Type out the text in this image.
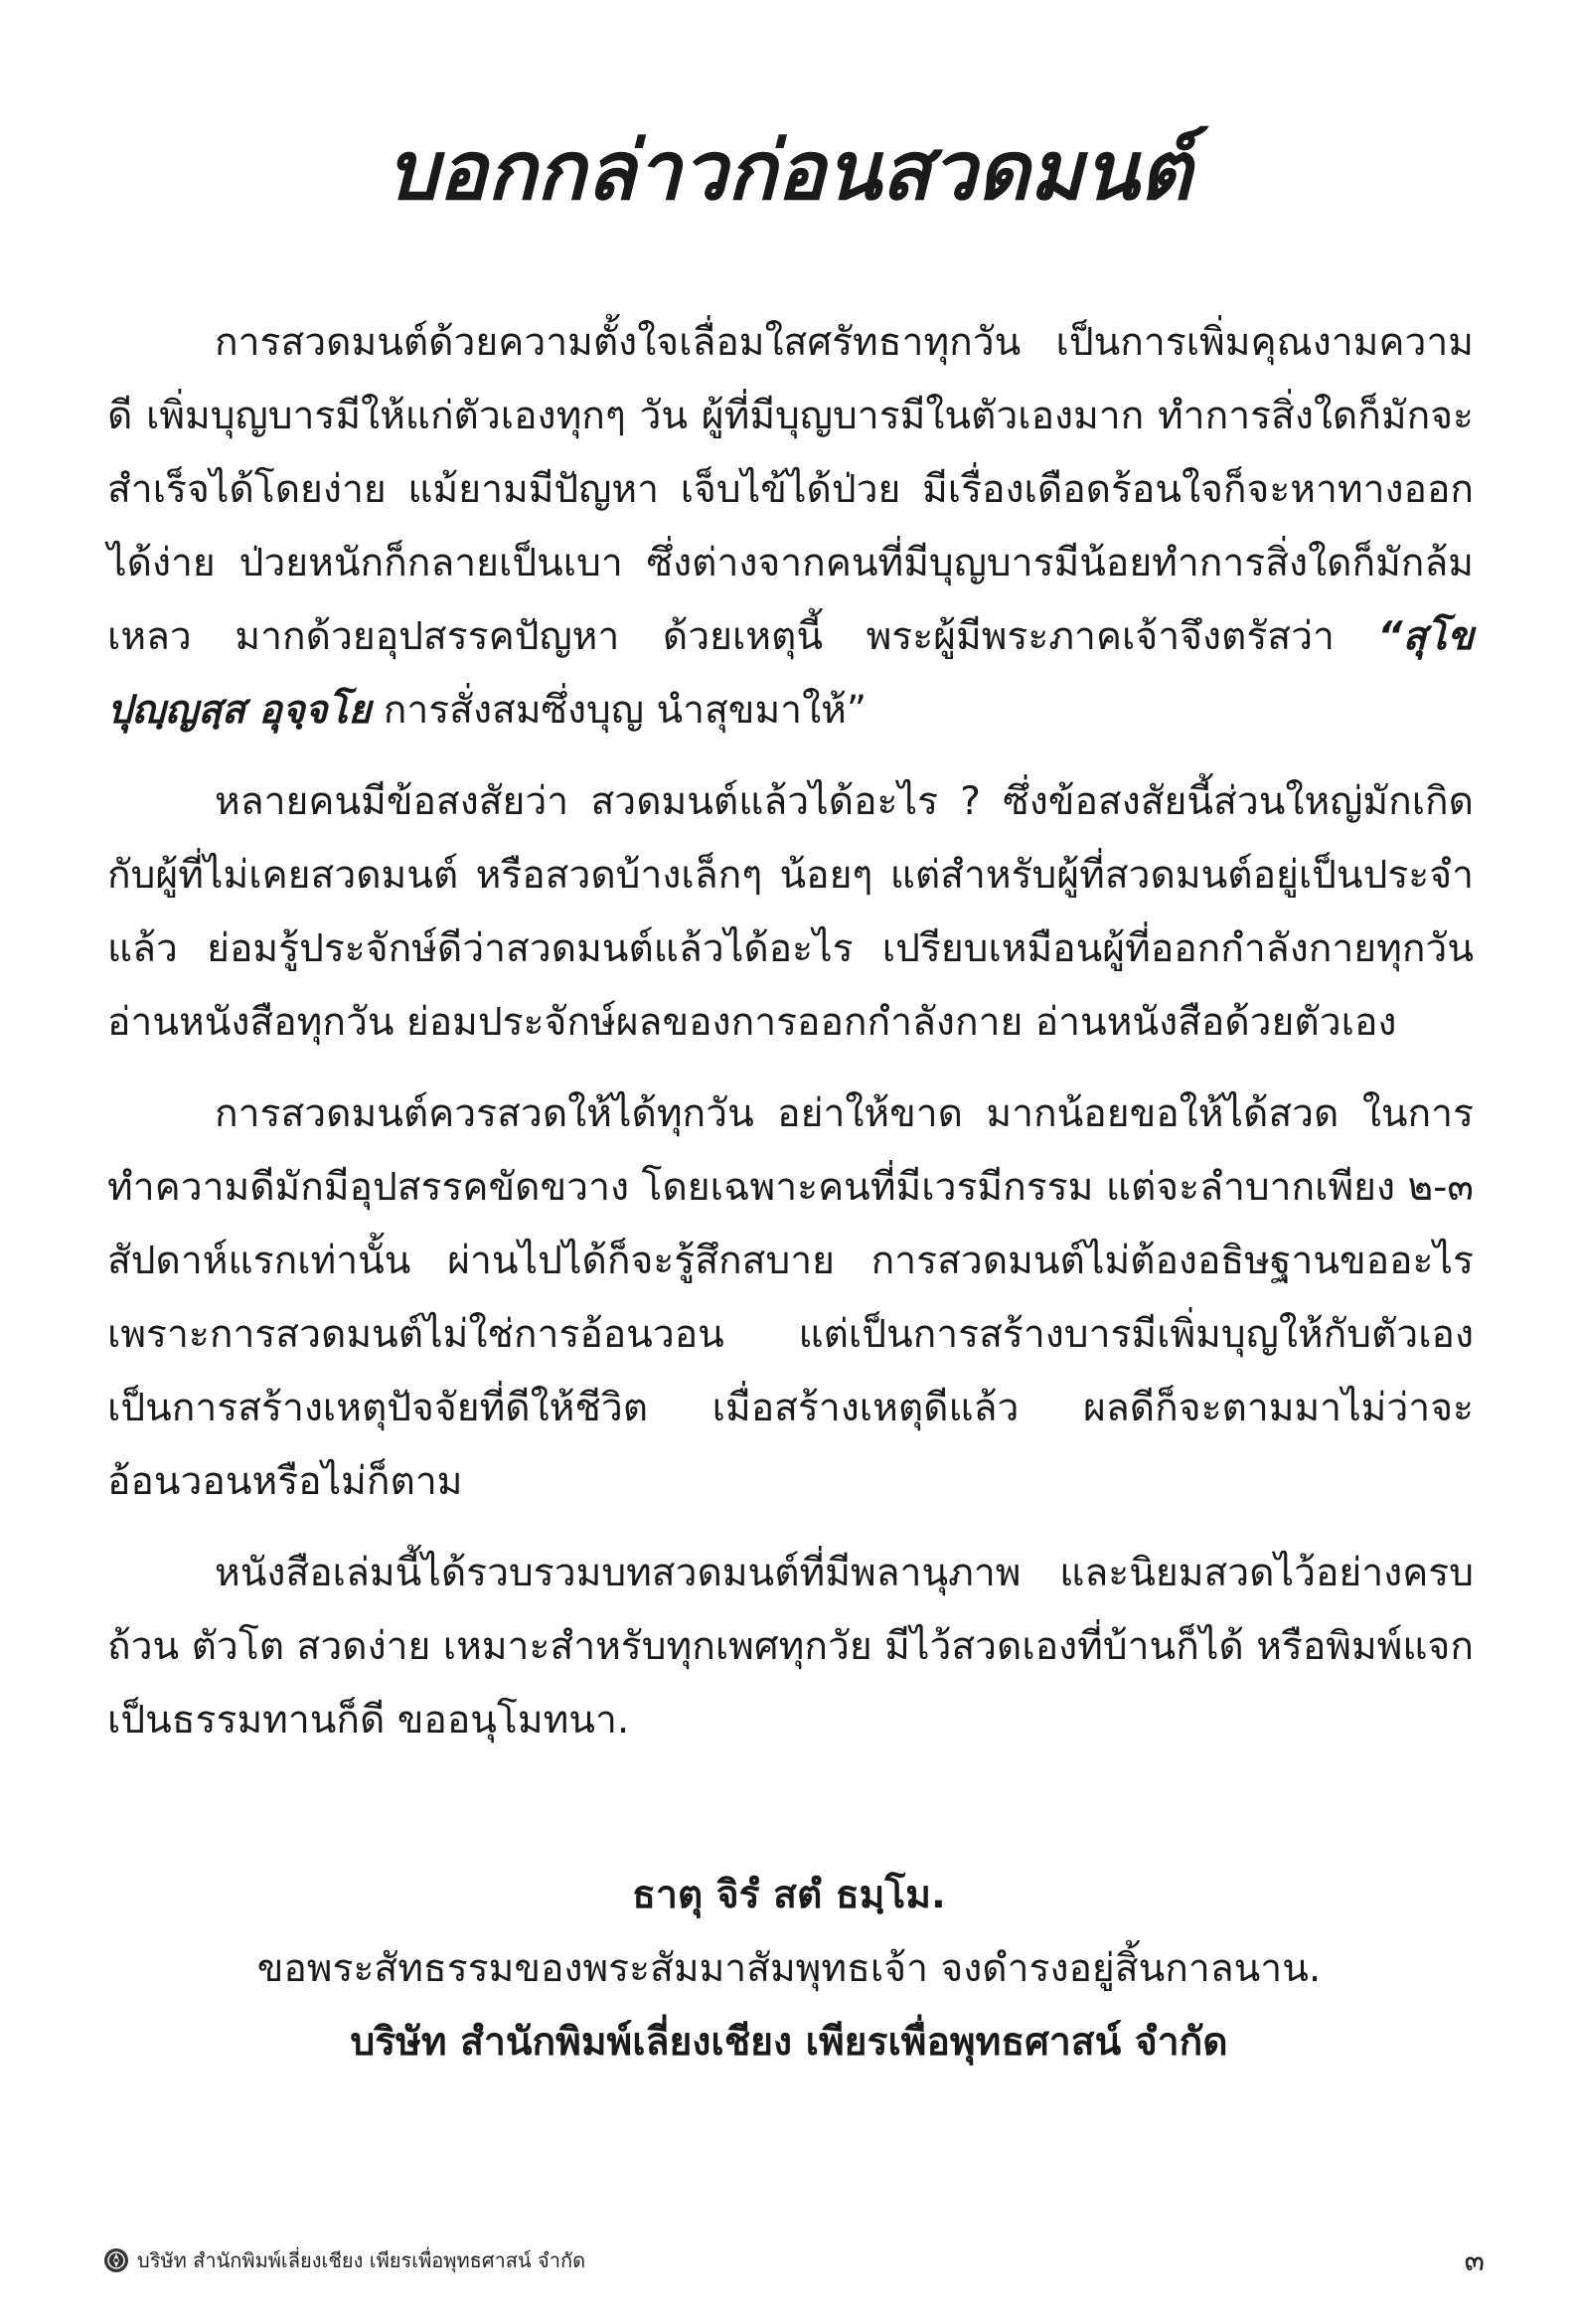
บอกกล่าวก่อนสวดมนต์

การสวดมนต์ด้วยความตั้งใจเลื่อมใสศรัทธาทุกวัน เป็นการเพิ่มคุณงามความดี เพิ่มบุญบารมีให้แก่ตัวเองทุกๆ วัน ผู้ที่มีบุญบารมีในตัวเองมาก ทำการสิ่งใดก็มักจะสำเร็จได้โดยง่าย แม้ยามมีปัญหา เจ็บไข้ได้ป่วย มีเรื่องเดือดร้อนใจก็จะหาทางออกได้ง่าย ป่วยหนักก็กลายเป็นเบา ซึ่งต่างจากคนที่มีบุญบารมีน้อยทำการสิ่งใดก็มักล้มเหลว มากด้วยอุปสรรคปัญหา ด้วยเหตุนี้ พระผู้มีพระภาคเจ้าจึงตรัสว่า “สุโข ปุญฺญสฺส อุจฺจโย การสั่งสมซึ่งบุญ นำสุขมาให้”

หลายคนมีข้อสงสัยว่า สวดมนต์แล้วได้อะไร ? ซึ่งข้อสงสัยนี้ส่วนใหญ่มักเกิดกับผู้ที่ไม่เคยสวดมนต์ หรือสวดบ้างเล็กๆ น้อยๆ แต่สำหรับผู้ที่สวดมนต์อยู่เป็นประจำแล้ว ย่อมรู้ประจักษ์ดีว่าสวดมนต์แล้วได้อะไร เปรียบเหมือนผู้ที่ออกกำลังกายทุกวัน อ่านหนังสือทุกวัน ย่อมประจักษ์ผลของการออกกำลังกาย อ่านหนังสือด้วยตัวเอง

การสวดมนต์ควรสวดให้ได้ทุกวัน อย่าให้ขาด มากน้อยขอให้ได้สวด ในการทำความดีมักมีอุปสรรคขัดขวาง โดยเฉพาะคนที่มีเวรมีกรรม แต่จะลำบากเพียง ๒-๓ สัปดาห์แรกเท่านั้น ผ่านไปได้ก็จะรู้สึกสบาย การสวดมนต์ไม่ต้องอธิษฐานขออะไร เพราะการสวดมนต์ไม่ใช่การอ้อนวอน แต่เป็นการสร้างบารมีเพิ่มบุญให้กับตัวเอง เป็นการสร้างเหตุปัจจัยที่ดีให้ชีวิต เมื่อสร้างเหตุดีแล้ว ผลดีก็จะตามมาไม่ว่าจะอ้อนวอนหรือไม่ก็ตาม

หนังสือเล่มนี้ได้รวบรวมบทสวดมนต์ที่มีพลานุภาพ และนิยมสวดไว้อย่างครบถ้วน ตัวโต สวดง่าย เหมาะสำหรับทุกเพศทุกวัย มีไว้สวดเองที่บ้านก็ได้ หรือพิมพ์แจกเป็นธรรมทานก็ดี ขออนุโมทนา.

ธาตุ จิรํ สตํ ธมฺโม.

ขอพระสัทธรรมของพระสัมมาสัมพุทธเจ้า จงดำรงอยู่สิ้นกาลนาน.

บริษัท สำนักพิมพ์เลี่ยงเชียง เพียรเพื่อพุทธศาสน์ จำกัด

บริษัท สำนักพิมพ์เลี่ยงเชียง เพียรเพื่อพุทธศาสน์ จำกัด	๓
